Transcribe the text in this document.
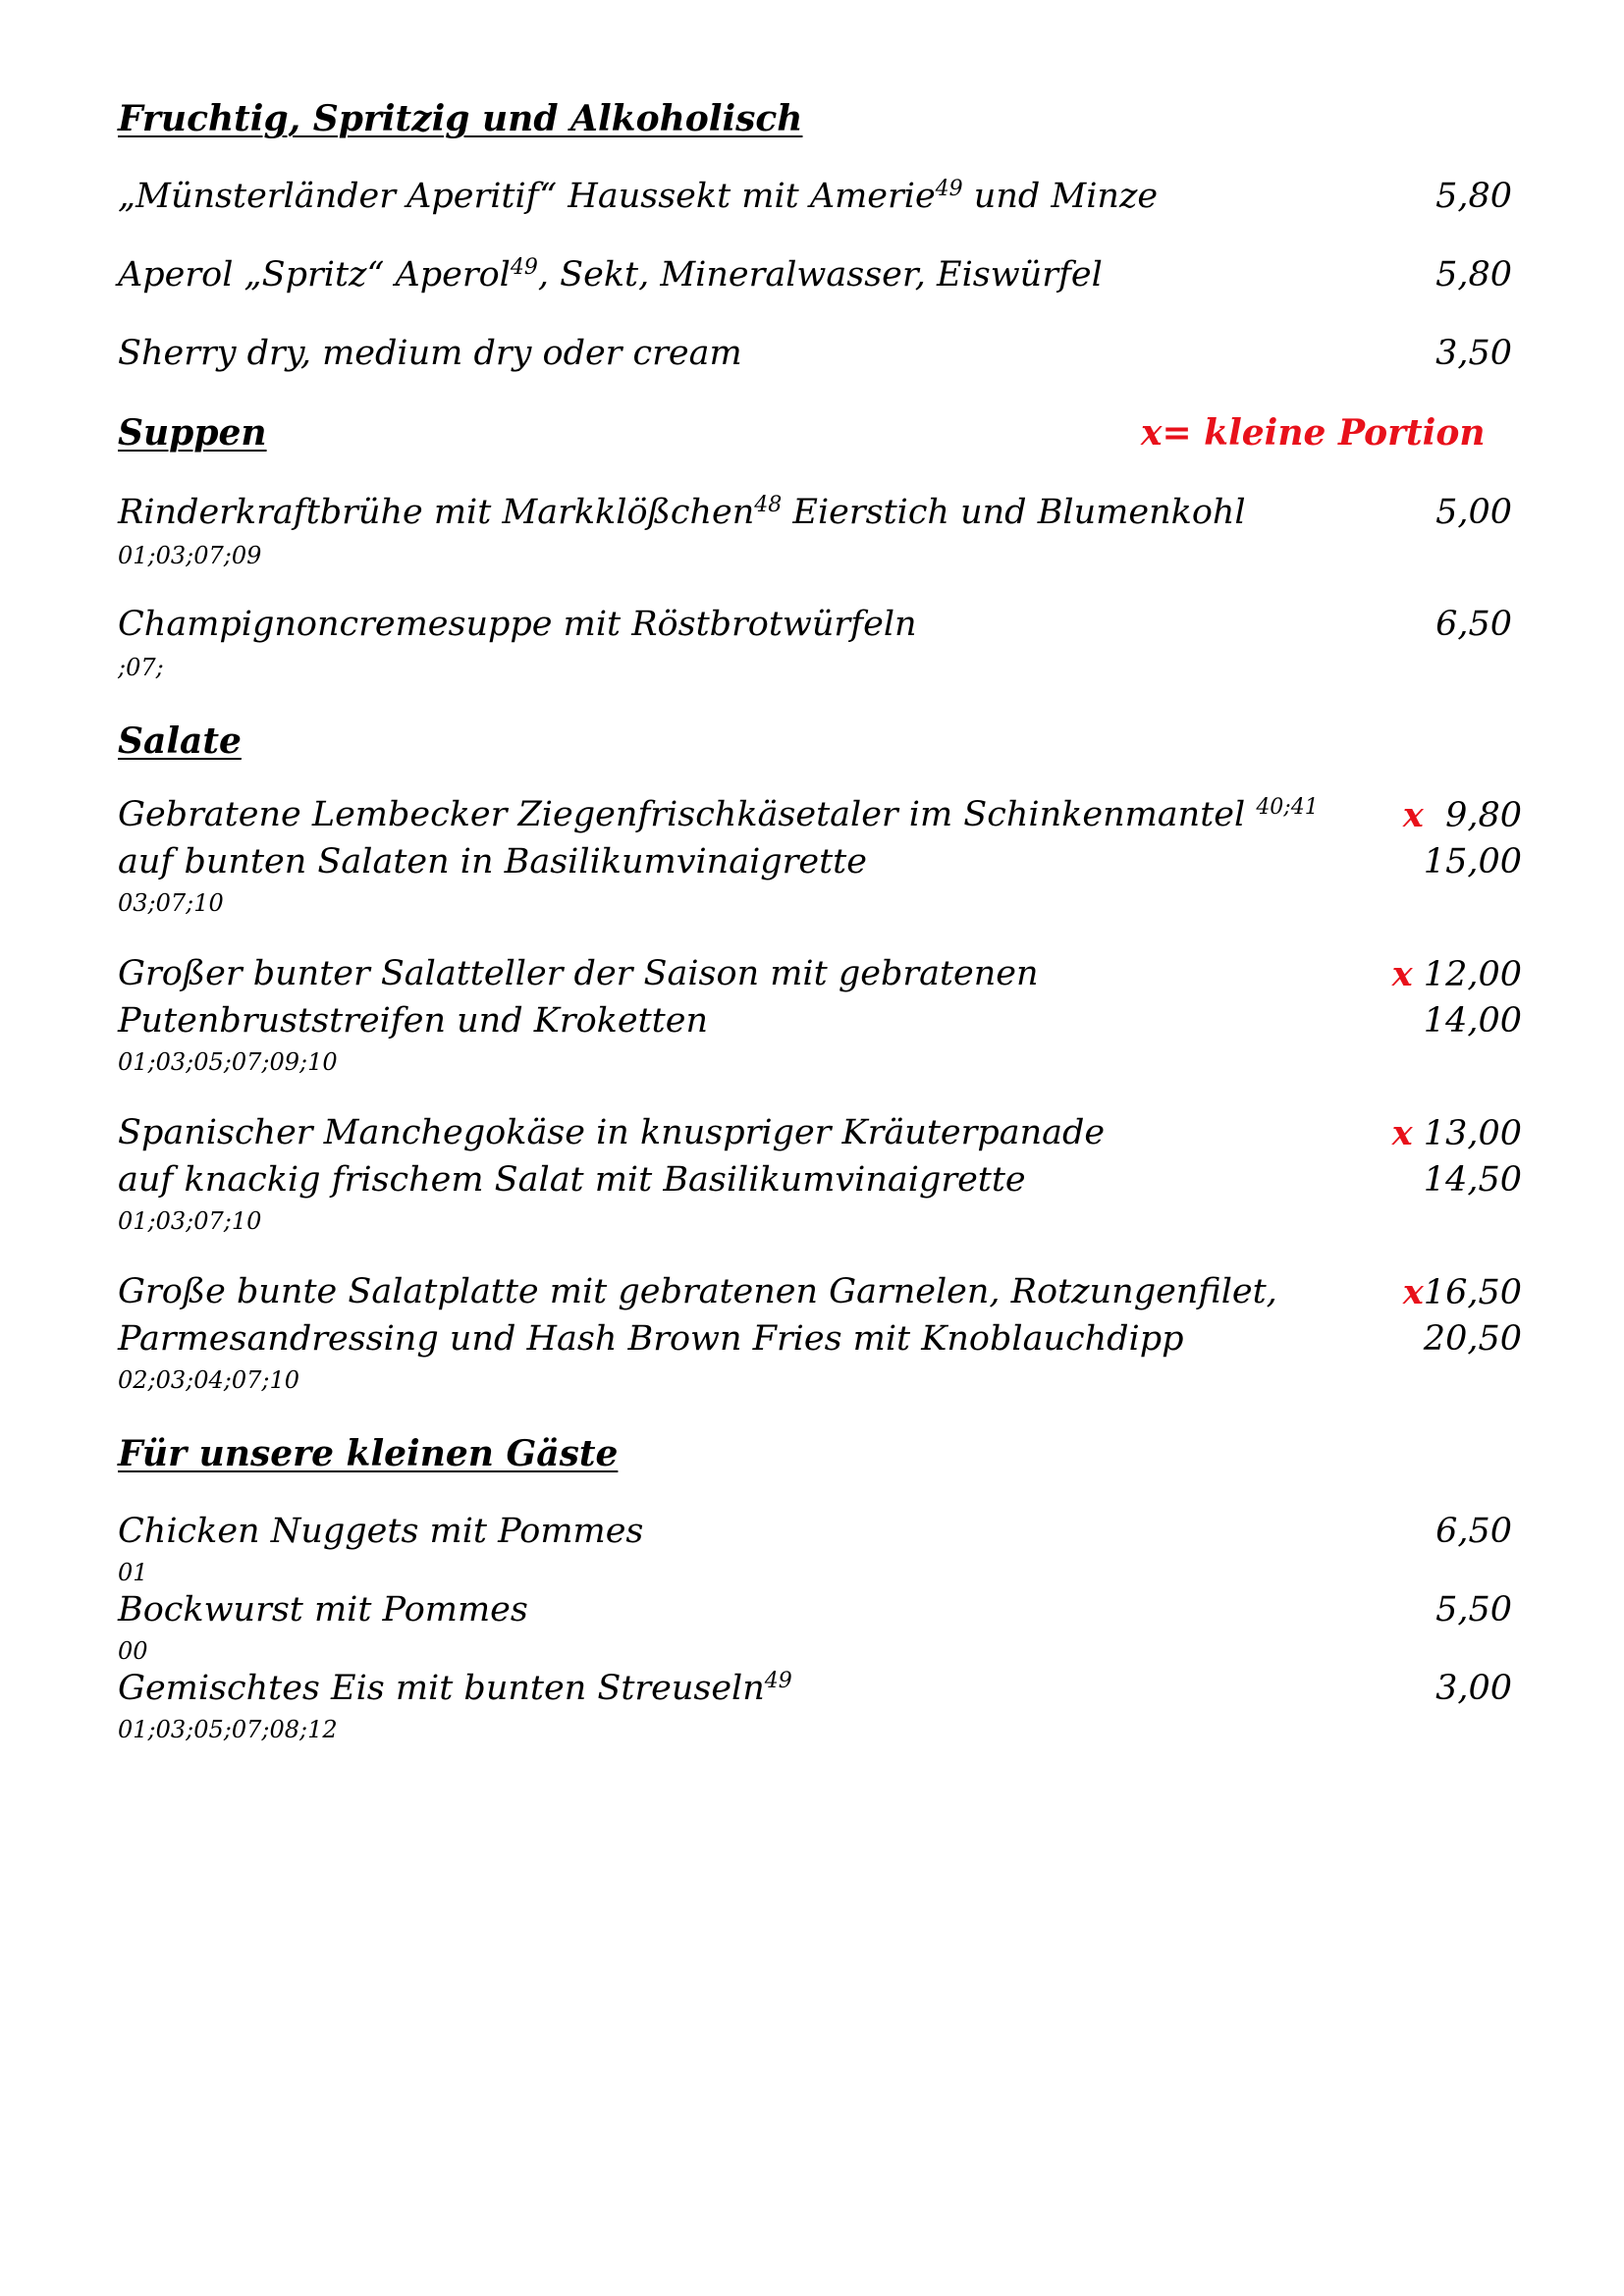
Fruchtig, Spritzig und Alkoholisch
„Münsterländer Aperitif“ Haussekt mit Amerie$^{49}$ und Minze	5,80
Aperol „Spritz“ Aperol$^{49}$, Sekt, Mineralwasser, Eiswürfel	5,80
Sherry dry, medium dry oder cream	3,50
Suppen	x= kleine Portion
Rinderkraftbrühe mit Markklößchen$^{48}$ Eierstich und Blumenkohl	5,00
01;03;07;09
Champignoncremesuppe mit Röstbrotwürfeln	6,50
;07;
Salate
Gebratene Lembecker Ziegenfrischkäsetaler im Schinkenmantel $^{40;41}$ x 9,80
auf bunten Salaten in Basilikumvinaigrette	15,00
03;07;10
Großer bunter Salatteller der Saison mit gebratenen	x 12,00
Putenbruststreifen und Kroketten	14,00
01;03;05;07;09;10
Spanischer Manchegokäse in knuspriger Kräuterpanade	x 13,00
auf knackig frischem Salat mit Basilikumvinaigrette	14,50
01;03;07;10
Große bunte Salatplatte mit gebratenen Garnelen, Rotzungenfilet,	x16,50
Parmesandressing und Hash Brown Fries mit Knoblauchdipp	20,50
02;03;04;07;10
Für unsere kleinen Gäste
Chicken Nuggets mit Pommes	6,50
01
Bockwurst mit Pommes	5,50
00
Gemischtes Eis mit bunten Streuseln$^{49}$	3,00
01;03;05;07;08;12
